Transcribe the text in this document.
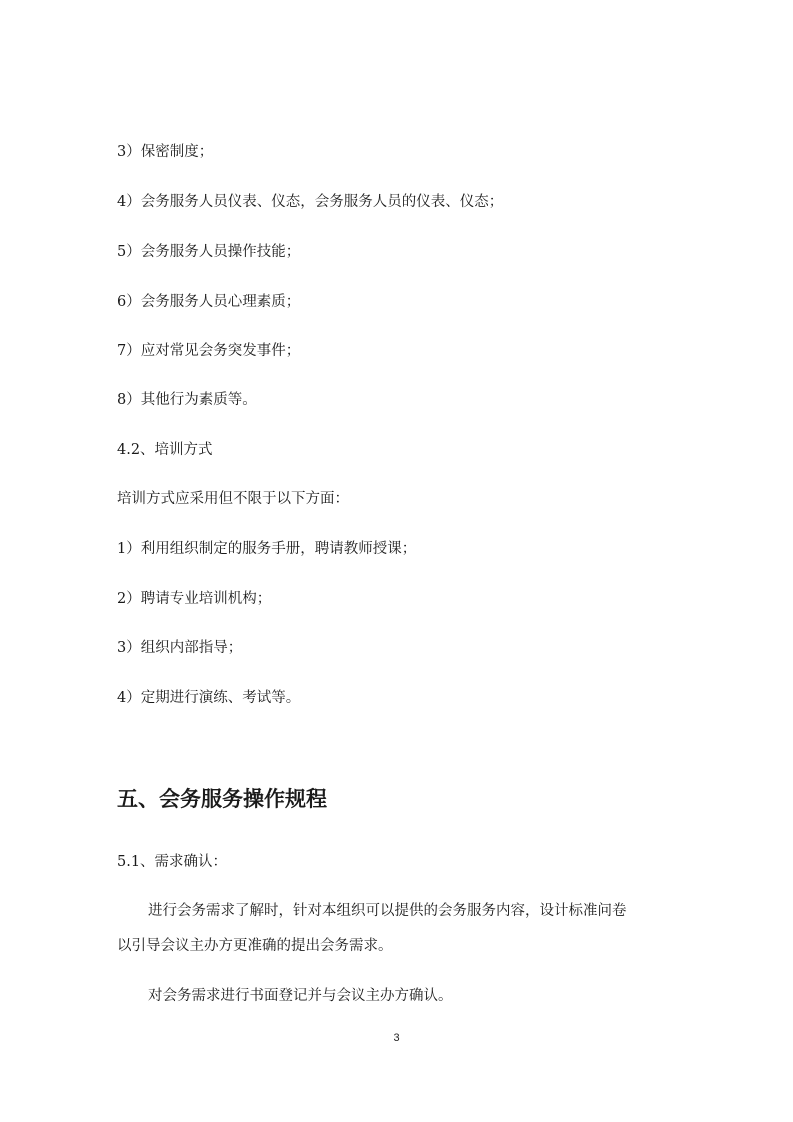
3）保密制度；
4）会务服务人员仪表、仪态，会务服务人员的仪表、仪态；
5）会务服务人员操作技能；
6）会务服务人员心理素质；
7）应对常见会务突发事件；
8）其他行为素质等。
4.2、培训方式
培训方式应采用但不限于以下方面：
1）利用组织制定的服务手册，聘请教师授课；
2）聘请专业培训机构；
3）组织内部指导；
4）定期进行演练、考试等。
五、会务服务操作规程
5.1、需求确认：
进行会务需求了解时，针对本组织可以提供的会务服务内容，设计标准问卷
以引导会议主办方更准确的提出会务需求。
对会务需求进行书面登记并与会议主办方确认。
3
